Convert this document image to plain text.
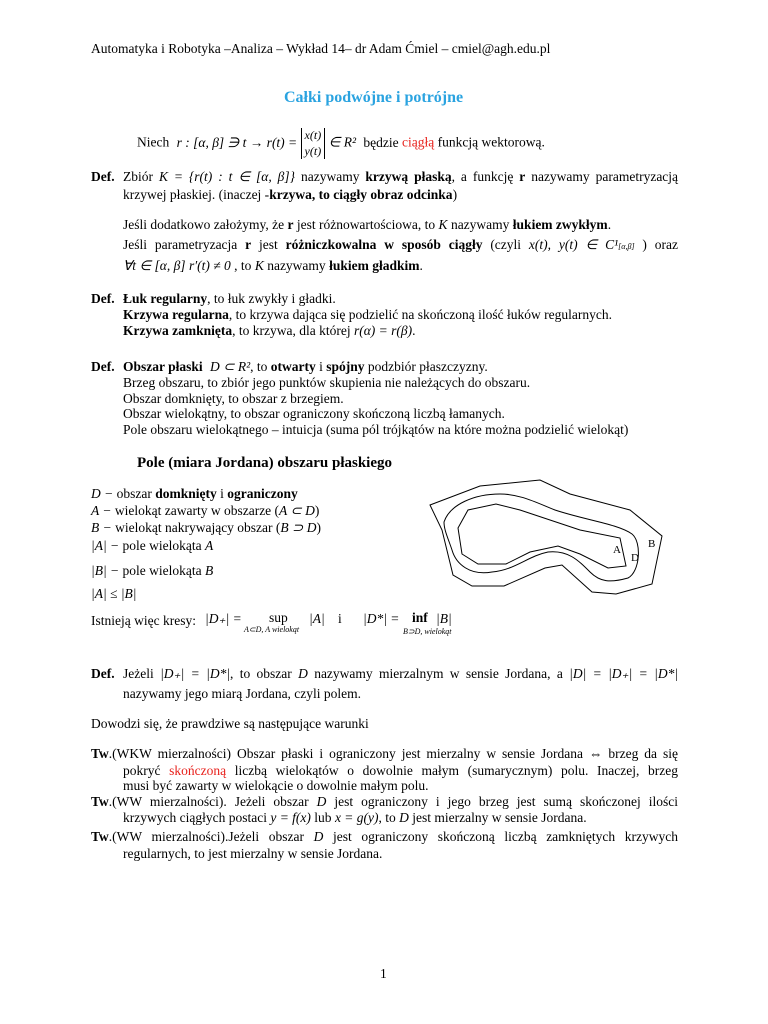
Automatyka i Robotyka –Analiza – Wykład 14– dr Adam Ćmiel – cmiel@agh.edu.pl
Całki podwójne i potrójne
Niech r : [α, β] ∋ t → r(t) = x(t)
y(t) ∈ R² będzie ciągłą funkcją wektorową.
Def. Zbiór K = {r(t) : t ∈ [α, β]} nazywamy krzywą płaską, a funkcję r nazywamy parametryzacją
krzywej płaskiej. (inaczej -krzywa, to ciągły obraz odcinka)
Jeśli dodatkowo założymy, że r jest różnowartościowa, to K nazywamy łukiem zwykłym.
Jeśli parametryzacja r jest różniczkowalna w sposób ciągły (czyli x(t), y(t) ∈ C¹[α,β] ) oraz
∀t ∈ [α, β] r′(t) ≠ 0 , to K nazywamy łukiem gładkim.
Def. Łuk regularny, to łuk zwykły i gładki.
Krzywa regularna, to krzywa dająca się podzielić na skończoną ilość łuków regularnych.
Krzywa zamknięta, to krzywa, dla której r(α) = r(β).
Def. Obszar płaski D ⊂ R², to otwarty i spójny podzbiór płaszczyzny.
Brzeg obszaru, to zbiór jego punktów skupienia nie należących do obszaru.
Obszar domknięty, to obszar z brzegiem.
Obszar wielokątny, to obszar ograniczony skończoną liczbą łamanych.
Pole obszaru wielokątnego – intuicja (suma pól trójkątów na które można podzielić wielokąt)
Pole (miara Jordana) obszaru płaskiego
D − obszar domknięty i ograniczony
A − wielokąt zawarty w obszarze (A ⊂ D)
B − wielokąt nakrywający obszar (B ⊃ D)
|A| − pole wielokąta A
|B| − pole wielokąta B
|A| ≤ |B|
Istnieją więc kresy: |D₊| = sup
A⊂D, A wielokąt
|A| i |D*| = inf
B⊃D, wielokąt
|B|
A B
D
Def. Jeżeli |D₊| = |D*|, to obszar D nazywamy mierzalnym w sensie Jordana, a |D| = |D₊| = |D*|
nazywamy jego miarą Jordana, czyli polem.
Dowodzi się, że prawdziwe są następujące warunki
Tw.(WKW mierzalności) Obszar płaski i ograniczony jest mierzalny w sensie Jordana ⇔ brzeg da się
pokryć skończoną liczbą wielokątów o dowolnie małym (sumarycznym) polu. Inaczej, brzeg
musi być zawarty w wielokącie o dowolnie małym polu.
Tw.(WW mierzalności). Jeżeli obszar D jest ograniczony i jego brzeg jest sumą skończonej ilości
krzywych ciągłych postaci y = f(x) lub x = g(y), to D jest mierzalny w sensie Jordana.
Tw.(WW mierzalności).Jeżeli obszar D jest ograniczony skończoną liczbą zamkniętych krzywych
regularnych, to jest mierzalny w sensie Jordana.
1
